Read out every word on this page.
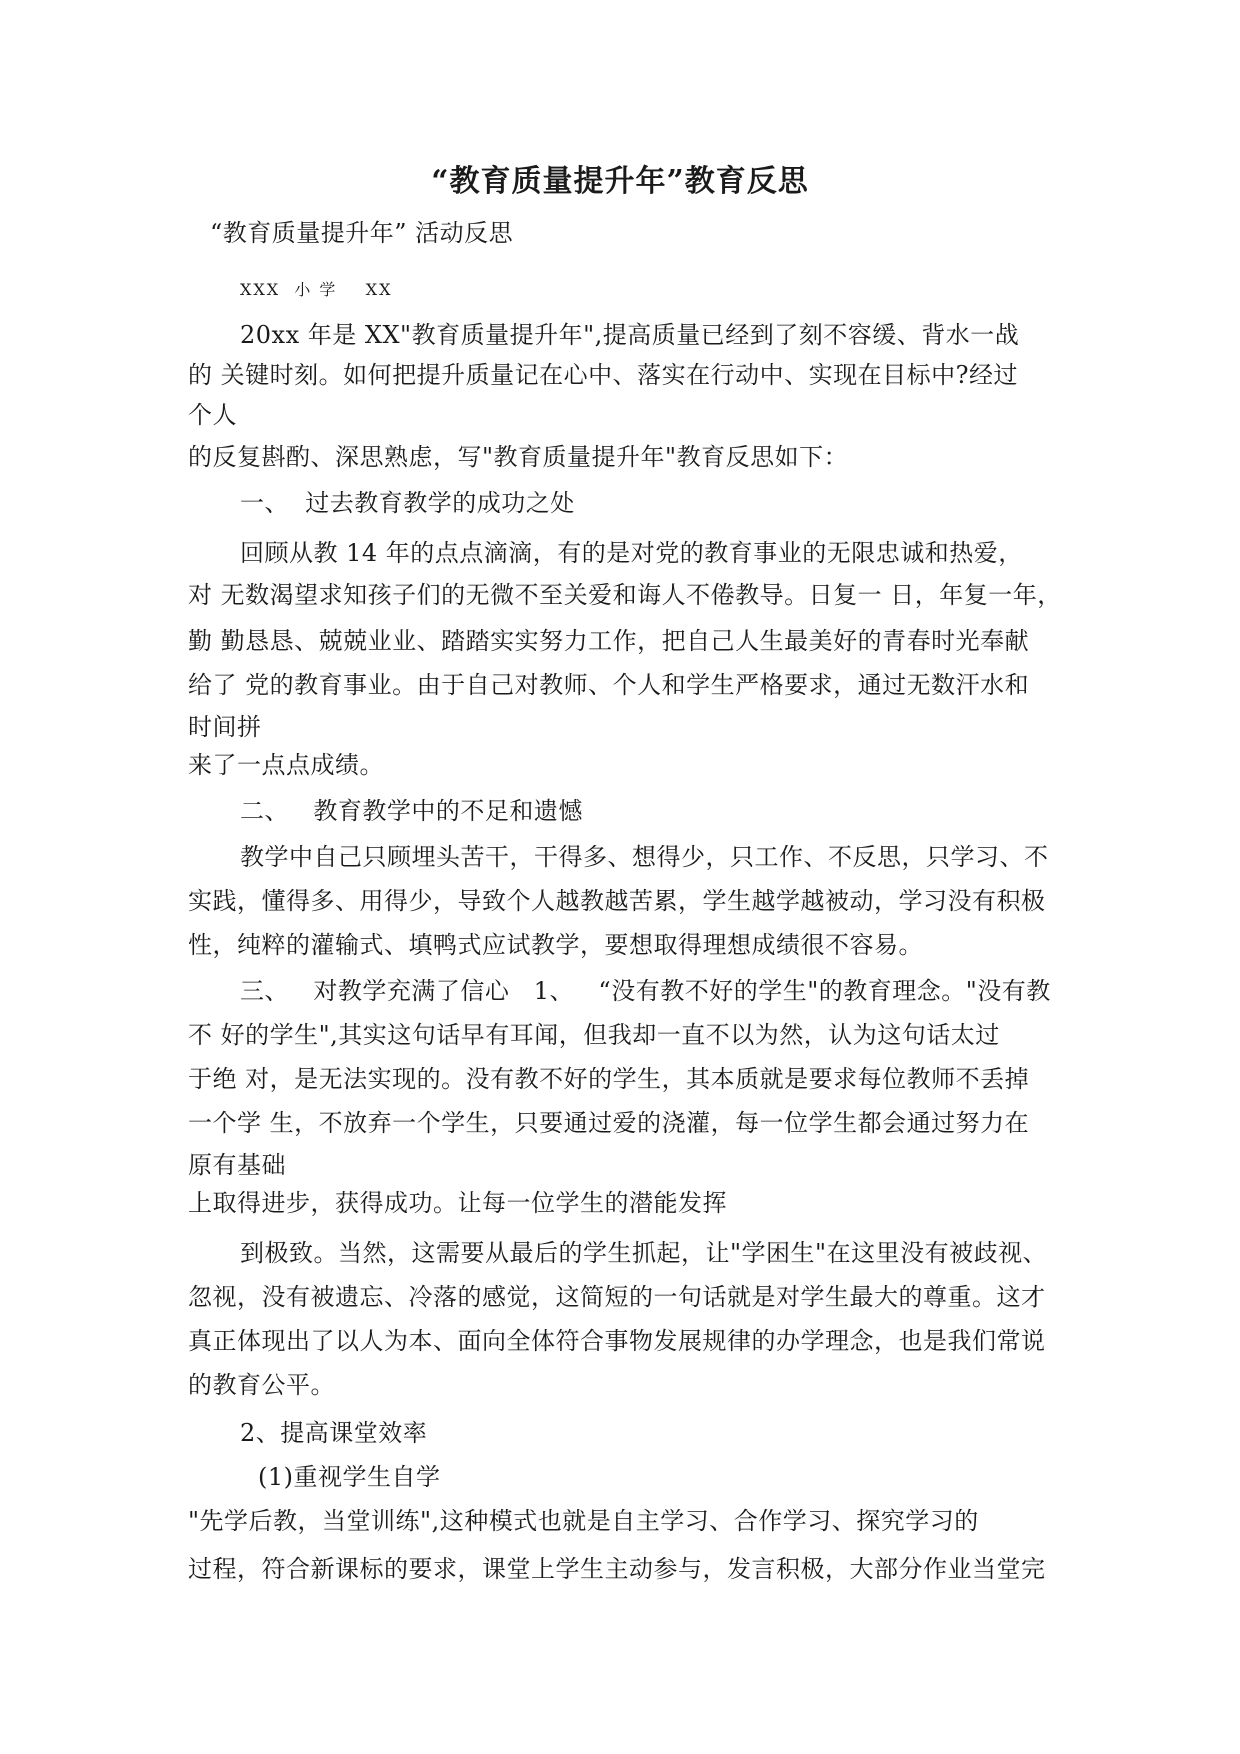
“教育质量提升年”教育反思
“教育质量提升年” 活动反思
XXX  小 学    XX
20xx 年是 XX"教育质量提升年",提高质量已经到了刻不容缓、背水一战
的 关键时刻。如何把提升质量记在心中、落实在行动中、实现在目标中?经过
个人
的反复斟酌、深思熟虑，写"教育质量提升年"教育反思如下：
一、  过去教育教学的成功之处
回顾从教 14 年的点点滴滴，有的是对党的教育事业的无限忠诚和热爱，
对 无数渴望求知孩子们的无微不至关爱和诲人不倦教导。日复一 日，年复一年，
勤 勤恳恳、兢兢业业、踏踏实实努力工作，把自己人生最美好的青春时光奉献
给了 党的教育事业。由于自己对教师、个人和学生严格要求，通过无数汗水和
时间拼
来了一点点成绩。
二、   教育教学中的不足和遗憾
教学中自己只顾埋头苦干，干得多、想得少，只工作、不反思，只学习、不
实践，懂得多、用得少，导致个人越教越苦累，学生越学越被动，学习没有积极
性，纯粹的灌输式、填鸭式应试教学，要想取得理想成绩很不容易。
三、   对教学充满了信心   1、   “没有教不好的学生"的教育理念。"没有教
不 好的学生",其实这句话早有耳闻，但我却一直不以为然，认为这句话太过
于绝 对，是无法实现的。没有教不好的学生，其本质就是要求每位教师不丢掉
一个学 生，不放弃一个学生，只要通过爱的浇灌，每一位学生都会通过努力在
原有基础
上取得进步，获得成功。让每一位学生的潜能发挥
到极致。当然，这需要从最后的学生抓起，让"学困生"在这里没有被歧视、
忽视，没有被遗忘、冷落的感觉，这简短的一句话就是对学生最大的尊重。这才
真正体现出了以人为本、面向全体符合事物发展规律的办学理念，也是我们常说
的教育公平。
2、提高课堂效率
(1)重视学生自学
"先学后教，当堂训练",这种模式也就是自主学习、合作学习、探究学习的
过程，符合新课标的要求，课堂上学生主动参与，发言积极，大部分作业当堂完
